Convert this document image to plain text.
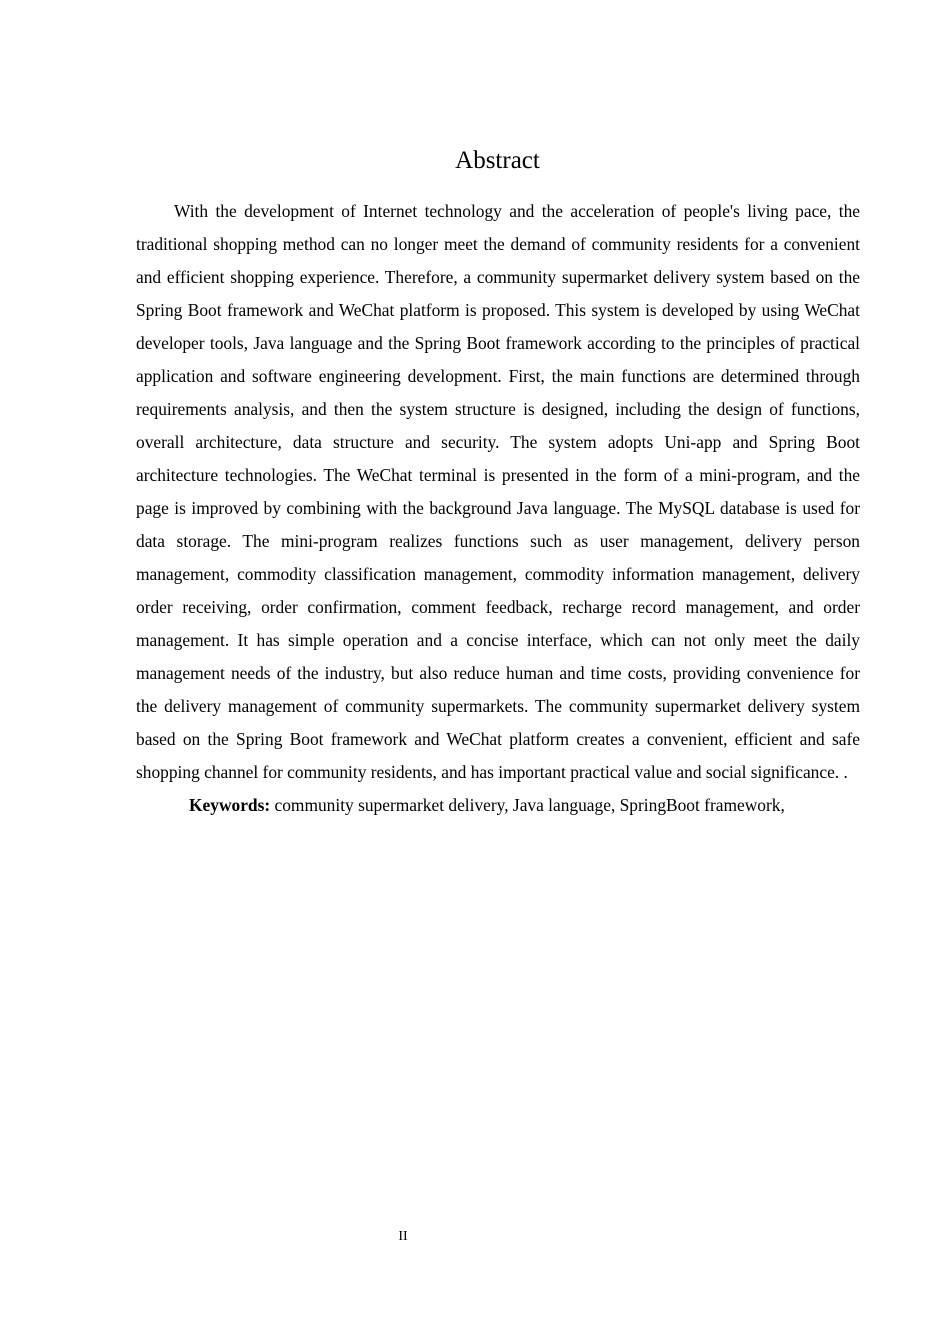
Abstract

With the development of Internet technology and the acceleration of people's living pace, the traditional shopping method can no longer meet the demand of community residents for a convenient and efficient shopping experience. Therefore, a community supermarket delivery system based on the Spring Boot framework and WeChat platform is proposed. This system is developed by using WeChat developer tools, Java language and the Spring Boot framework according to the principles of practical application and software engineering development. First, the main functions are determined through requirements analysis, and then the system structure is designed, including the design of functions, overall architecture, data structure and security. The system adopts Uni-app and Spring Boot architecture technologies. The WeChat terminal is presented in the form of a mini-program, and the page is improved by combining with the background Java language. The MySQL database is used for data storage. The mini-program realizes functions such as user management, delivery person management, commodity classification management, commodity information management, delivery order receiving, order confirmation, comment feedback, recharge record management, and order management. It has simple operation and a concise interface, which can not only meet the daily management needs of the industry, but also reduce human and time costs, providing convenience for the delivery management of community supermarkets. The community supermarket delivery system based on the Spring Boot framework and WeChat platform creates a convenient, efficient and safe shopping channel for community residents, and has important practical value and social significance. .

Keywords: community supermarket delivery, Java language, SpringBoot framework,
II
